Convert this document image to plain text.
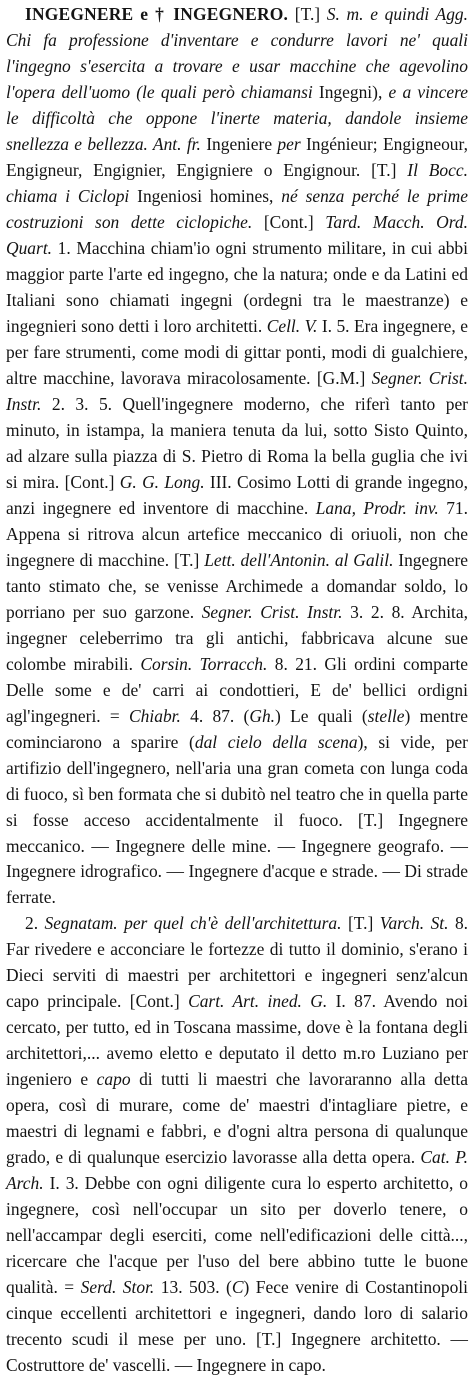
INGEGNERE e † INGEGNERO. [T.] S. m. e quindi Agg. Chi fa professione d'inventare e condurre lavori ne' quali l'ingegno s'esercita a trovare e usar macchine che agevolino l'opera dell'uomo (le quali però chiamansi Ingegni), e a vincere le difficoltà che oppone l'inerte materia, dandole insieme snellezza e bellezza. Ant. fr. Ingeniere per Ingénieur; Engigneour, Engigneur, Engignier, Engigniere o Engignour. [T.] Il Bocc. chiama i Ciclopi Ingeniosi homines, né senza perché le prime costruzioni son dette ciclopiche. [Cont.] Tard. Macch. Ord. Quart. 1. Macchina chiam'io ogni strumento militare, in cui abbi maggior parte l'arte ed ingegno, che la natura; onde e da Latini ed Italiani sono chiamati ingegni (ordegni tra le maestranze) e ingegnieri sono detti i loro architetti. Cell. V. I. 5. Era ingegnere, e per fare strumenti, come modi di gittar ponti, modi di gualchiere, altre macchine, lavorava miracolosamente. [G.M.] Segner. Crist. Instr. 2. 3. 5. Quell'ingegnere moderno, che riferì tanto per minuto, in istampa, la maniera tenuta da lui, sotto Sisto Quinto, ad alzare sulla piazza di S. Pietro di Roma la bella guglia che ivi si mira. [Cont.] G. G. Long. III. Cosimo Lotti di grande ingegno, anzi ingegnere ed inventore di macchine. Lana, Prodr. inv. 71. Appena si ritrova alcun artefice meccanico di oriuoli, non che ingegnere di macchine. [T.] Lett. dell'Antonin. al Galil. Ingegnere tanto stimato che, se venisse Archimede a domandar soldo, lo porriano per suo garzone. Segner. Crist. Instr. 3. 2. 8. Archita, ingegner celeberrimo tra gli antichi, fabbricava alcune sue colombe mirabili. Corsin. Torracch. 8. 21. Gli ordini comparte Delle some e de' carri ai condottieri, E de' bellici ordigni agl'ingegneri. = Chiabr. 4. 87. (Gh.) Le quali (stelle) mentre cominciarono a sparire (dal cielo della scena), si vide, per artifizio dell'ingegnero, nell'aria una gran cometa con lunga coda di fuoco, sì ben formata che si dubitò nel teatro che in quella parte si fosse acceso accidentalmente il fuoco. [T.] Ingegnere meccanico. — Ingegnere delle mine. — Ingegnere geografo. — Ingegnere idrografico. — Ingegnere d'acque e strade. — Di strade ferrate.

2. Segnatam. per quel ch'è dell'architettura. [T.] Varch. St. 8. Far rivedere e acconciare le fortezze di tutto il dominio, s'erano i Dieci serviti di maestri per architettori e ingegneri senz'alcun capo principale. [Cont.] Cart. Art. ined. G. I. 87. Avendo noi cercato, per tutto, ed in Toscana massime, dove è la fontana degli architettori,... avemo eletto e deputato il detto m.ro Luziano per ingeniero e capo di tutti li maestri che lavoraranno alla detta opera, così di murare, come de' maestri d'intagliare pietre, e maestri di legnami e fabbri, e d'ogni altra persona di qualunque grado, e di qualunque esercizio lavorasse alla detta opera. Cat. P. Arch. I. 3. Debbe con ogni diligente cura lo esperto architetto, o ingegnere, così nell'occupar un sito per doverlo tenere, o nell'accampar degli eserciti, come nell'edificazioni delle città..., ricercare che l'acque per l'uso del bere abbino tutte le buone qualità. = Serd. Stor. 13. 503. (C) Fece venire di Costantinopoli cinque eccellenti architettori e ingegneri, dando loro di salario trecento scudi il mese per uno. [T.] Ingegnere architetto. — Costruttore de' vascelli. — Ingegnere in capo.
